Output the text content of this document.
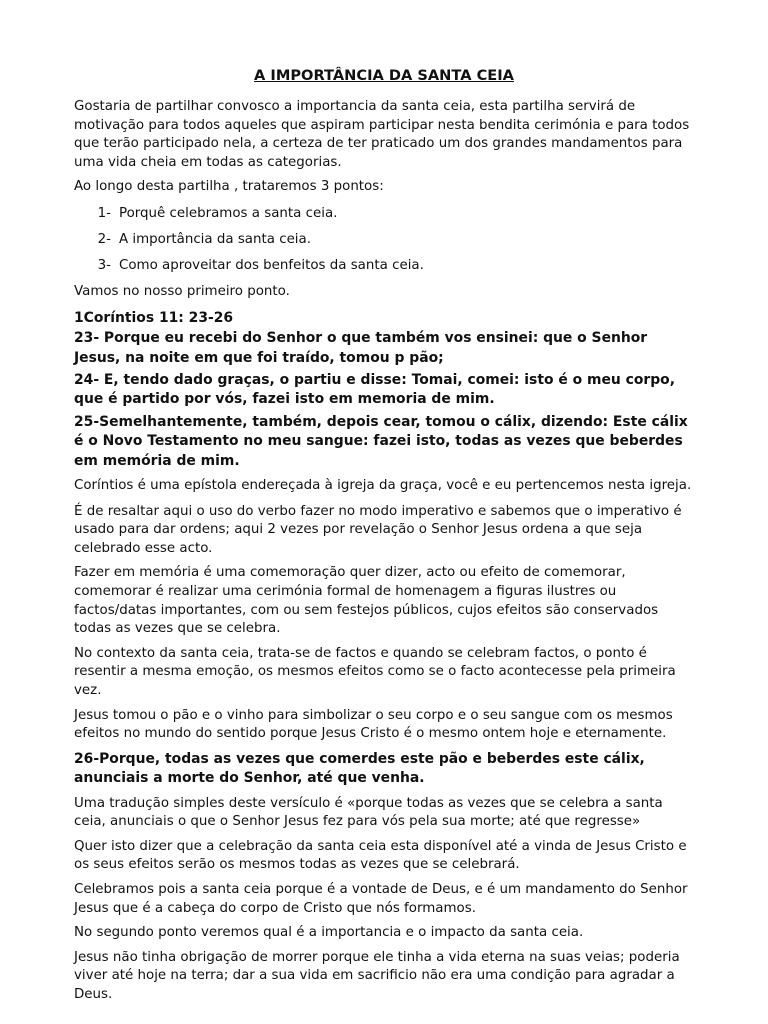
A IMPORTÂNCIA DA SANTA CEIA

Gostaria de partilhar convosco a importancia da santa ceia, esta partilha servirá de motivação para todos aqueles que aspiram participar nesta bendita cerimónia e para todos que terão participado nela, a certeza de ter praticado um dos grandes mandamentos para uma vida cheia em todas as categorias.

Ao longo desta partilha , trataremos 3 pontos:

1- Porquê celebramos a santa ceia.
2- A importância da santa ceia.
3- Como aproveitar dos benfeitos da santa ceia.

Vamos no nosso primeiro ponto.

1Coríntios 11: 23-26

23- Porque eu recebi do Senhor o que também vos ensinei: que o Senhor Jesus, na noite em que foi traído, tomou p pão;

24- E, tendo dado graças, o partiu e disse: Tomai, comei: isto é o meu corpo, que é partido por vós, fazei isto em memoria de mim.

25-Semelhantemente, também, depois cear, tomou o cálix, dizendo: Este cálix é o Novo Testamento no meu sangue: fazei isto, todas as vezes que beberdes em memória de mim.

Coríntios é uma epístola endereçada à igreja da graça, você e eu pertencemos nesta igreja.

É de resaltar aqui o uso do verbo fazer no modo imperativo e sabemos que o imperativo é usado para dar ordens; aqui 2 vezes por revelação o Senhor Jesus ordena a que seja celebrado esse acto.

Fazer em memória é uma comemoração quer dizer, acto ou efeito de comemorar, comemorar é realizar uma cerimónia formal de homenagem a figuras ilustres ou factos/datas importantes, com ou sem festejos públicos, cujos efeitos são conservados todas as vezes que se celebra.

No contexto da santa ceia, trata-se de factos e quando se celebram factos, o ponto é resentir a mesma emoção, os mesmos efeitos como se o facto acontecesse pela primeira vez.

Jesus tomou o pão e o vinho para simbolizar o seu corpo e o seu sangue com os mesmos efeitos no mundo do sentido porque Jesus Cristo é o mesmo ontem hoje e eternamente.

26-Porque, todas as vezes que comerdes este pão e beberdes este cálix, anunciais a morte do Senhor, até que venha.

Uma tradução simples deste versículo é «porque todas as vezes que se celebra a santa ceia, anunciais o que o Senhor Jesus fez para vós pela sua morte; até que regresse»

Quer isto dizer que a celebração da santa ceia esta disponível até a vinda de Jesus Cristo e os seus efeitos serão os mesmos todas as vezes que se celebrará.

Celebramos pois a santa ceia porque é a vontade de Deus, e é um mandamento do Senhor Jesus que é a cabeça do corpo de Cristo que nós formamos.

No segundo ponto veremos qual é a importancia e o impacto da santa ceia.

Jesus não tinha obrigação de morrer porque ele tinha a vida eterna na suas veias; poderia viver até hoje na terra; dar a sua vida em sacrificio não era uma condição para agradar a Deus.
